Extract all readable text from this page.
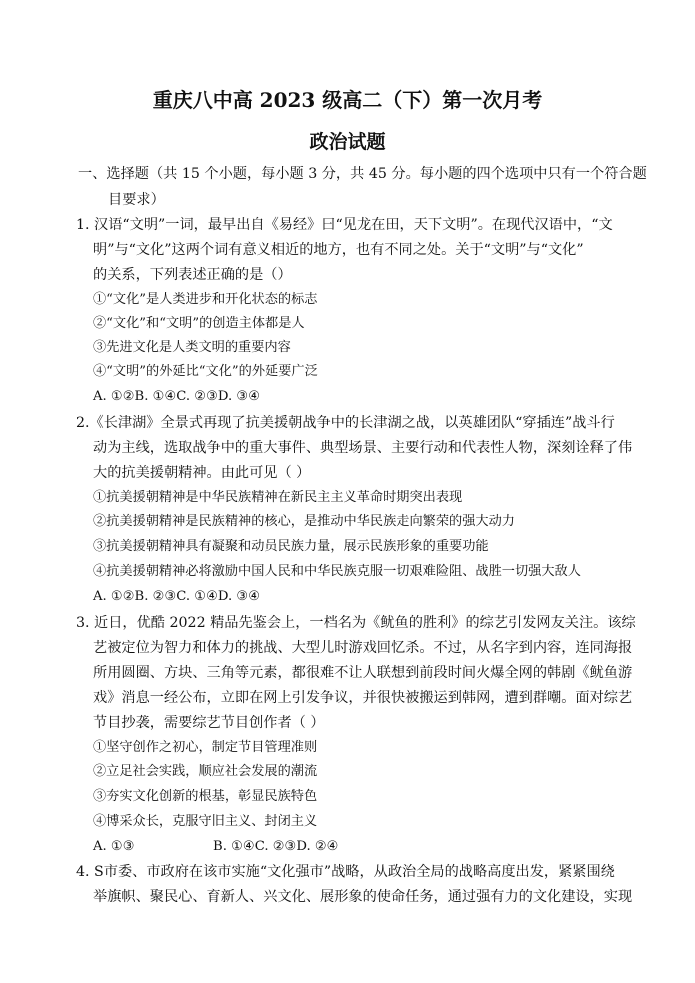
重庆八中高 2023 级高二（下）第一次月考
政治试题
一、选择题（共 15 个小题，每小题 3 分，共 45 分。每小题的四个选项中只有一个符合题
目要求）
1. 汉语“文明”一词，最早出自《易经》曰“见龙在田，天下文明”。在现代汉语中，“文
明”与“文化”这两个词有意义相近的地方，也有不同之处。关于“文明”与“文化”
的关系，下列表述正确的是（）
①“文化”是人类进步和开化状态的标志
②“文化”和“文明”的创造主体都是人
③先进文化是人类文明的重要内容
④“文明”的外延比“文化”的外延要广泛
A. ①②B. ①④C. ②③D. ③④
2.《长津湖》全景式再现了抗美援朝战争中的长津湖之战，以英雄团队“穿插连”战斗行
动为主线，选取战争中的重大事件、典型场景、主要行动和代表性人物，深刻诠释了伟
大的抗美援朝精神。由此可见（ ）
①抗美援朝精神是中华民族精神在新民主主义革命时期突出表现
②抗美援朝精神是民族精神的核心，是推动中华民族走向繁荣的强大动力
③抗美援朝精神具有凝聚和动员民族力量，展示民族形象的重要功能
④抗美援朝精神必将激励中国人民和中华民族克服一切艰难险阻、战胜一切强大敌人
A. ①②B. ②③C. ①④D. ③④
3. 近日，优酷 2022 精品先鉴会上，一档名为《鱿鱼的胜利》的综艺引发网友关注。该综
艺被定位为智力和体力的挑战、大型儿时游戏回忆杀。不过，从名字到内容，连同海报
所用圆圈、方块、三角等元素，都很难不让人联想到前段时间火爆全网的韩剧《鱿鱼游
戏》消息一经公布，立即在网上引发争议，并很快被搬运到韩网，遭到群嘲。面对综艺
节目抄袭，需要综艺节目创作者（ ）
①坚守创作之初心，制定节目管理准则
②立足社会实践，顺应社会发展的潮流
③夯实文化创新的根基，彰显民族特色
④博采众长，克服守旧主义、封闭主义
A. ①③	B. ①④C. ②③D. ②④
4. S市委、市政府在该市实施“文化强市”战略，从政治全局的战略高度出发，紧紧围绕
举旗帜、聚民心、育新人、兴文化、展形象的使命任务，通过强有力的文化建设，实现
